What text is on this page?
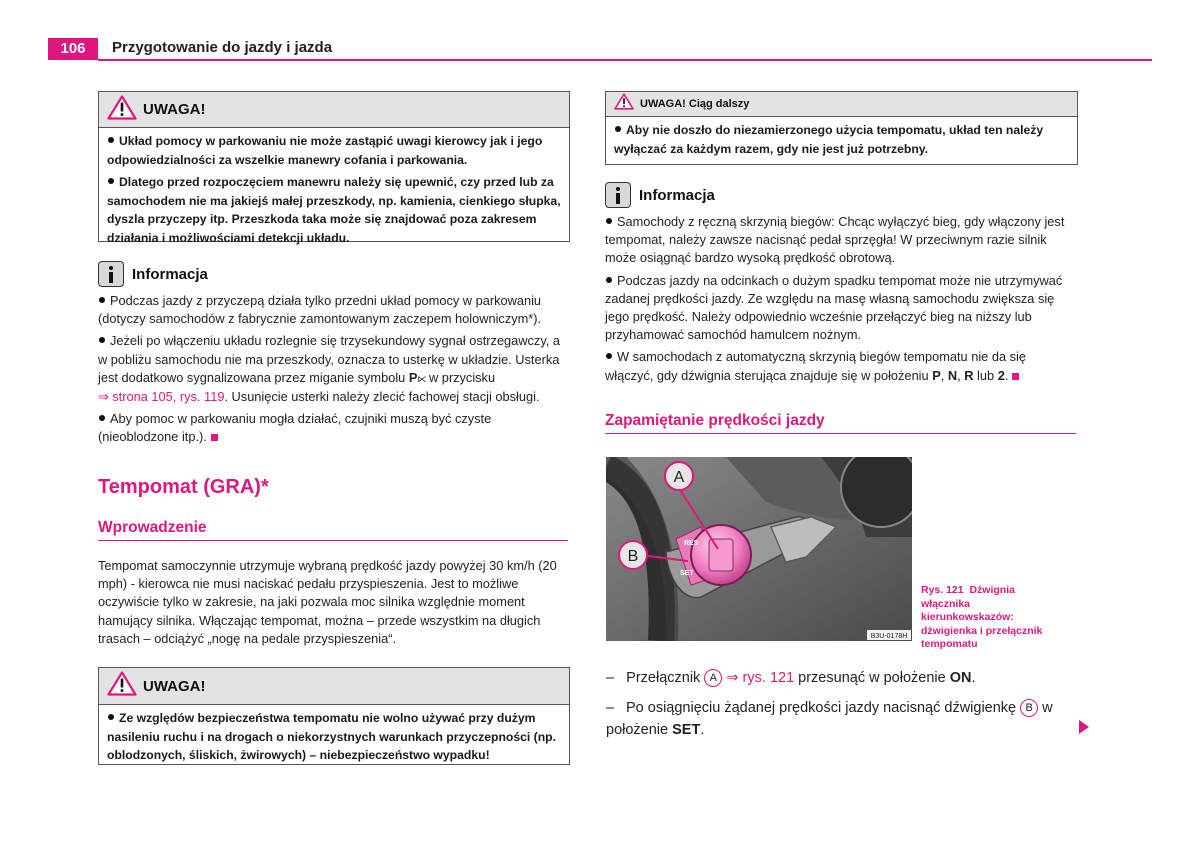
106	Przygotowanie do jazdy i jazda
UWAGA!

Układ pomocy w parkowaniu nie może zastąpić uwagi kierowcy jak i jego odpowiedzialności za wszelkie manewry cofania i parkowania.

Dlatego przed rozpoczęciem manewru należy się upewnić, czy przed lub za samochodem nie ma jakiejś małej przeszkody, np. kamienia, cienkiego słupka, dyszla przyczepy itp. Przeszkoda taka może się znajdować poza zakresem działania i możliwościami detekcji układu.

Informacja

Podczas jazdy z przyczepą działa tylko przedni układ pomocy w parkowaniu (dotyczy samochodów z fabrycznie zamontowanym zaczepem holowniczym*).

Jeżeli po włączeniu układu rozlegnie się trzysekundowy sygnał ostrzegawczy, a w pobliżu samochodu nie ma przeszkody, oznacza to usterkę w układzie. Usterka jest dodatkowo sygnalizowana przez miganie symbolu P⋉ w przycisku
⇒ strona 105, rys. 119. Usunięcie usterki należy zlecić fachowej stacji obsługi.

Aby pomoc w parkowaniu mogła działać, czujniki muszą być czyste (nieoblodzone itp.).

Tempomat (GRA)*
Wprowadzenie

Tempomat samoczynnie utrzymuje wybraną prędkość jazdy powyżej 30 km/h (20 mph) - kierowca nie musi naciskać pedału przyspieszenia. Jest to możliwe oczywiście tylko w zakresie, na jaki pozwala moc silnika względnie moment hamujący silnika. Włączając tempomat, można – przede wszystkim na długich trasach – odciążyć „nogę na pedale przyspieszenia“.

UWAGA!

Ze względów bezpieczeństwa tempomatu nie wolno używać przy dużym nasileniu ruchu i na drogach o niekorzystnych warunkach przyczepności (np. oblodzonych, śliskich, żwirowych) – niebezpieczeństwo wypadku!

UWAGA! Ciąg dalszy

Aby nie doszło do niezamierzonego użycia tempomatu, układ ten należy wyłączać za każdym razem, gdy nie jest już potrzebny.

Informacja

Samochody z ręczną skrzynią biegów: Chcąc wyłączyć bieg, gdy włączony jest tempomat, należy zawsze nacisnąć pedał sprzęgła! W przeciwnym razie silnik może osiągnąć bardzo wysoką prędkość obrotową.

Podczas jazdy na odcinkach o dużym spadku tempomat może nie utrzymywać zadanej prędkości jazdy. Ze względu na masę własną samochodu zwiększa się jego prędkość. Należy odpowiednio wcześnie przełączyć bieg na niższy lub przyhamować samochód hamulcem nożnym.

W samochodach z automatyczną skrzynią biegów tempomatu nie da się włączyć, gdy dźwignia sterująca znajduje się w położeniu P, N, R lub 2.

Zapamiętanie prędkości jazdy
RES
SET
A
B
B3U-0178H
Rys. 121 Dźwignia włącznika kierunkowskazów: dźwigienka i przełącznik tempomatu
– Przełącznik A ⇒ rys. 121 przesunąć w położenie ON.
– Po osiągnięciu żądanej prędkości jazdy nacisnąć dźwigienkę B w położenie SET.
